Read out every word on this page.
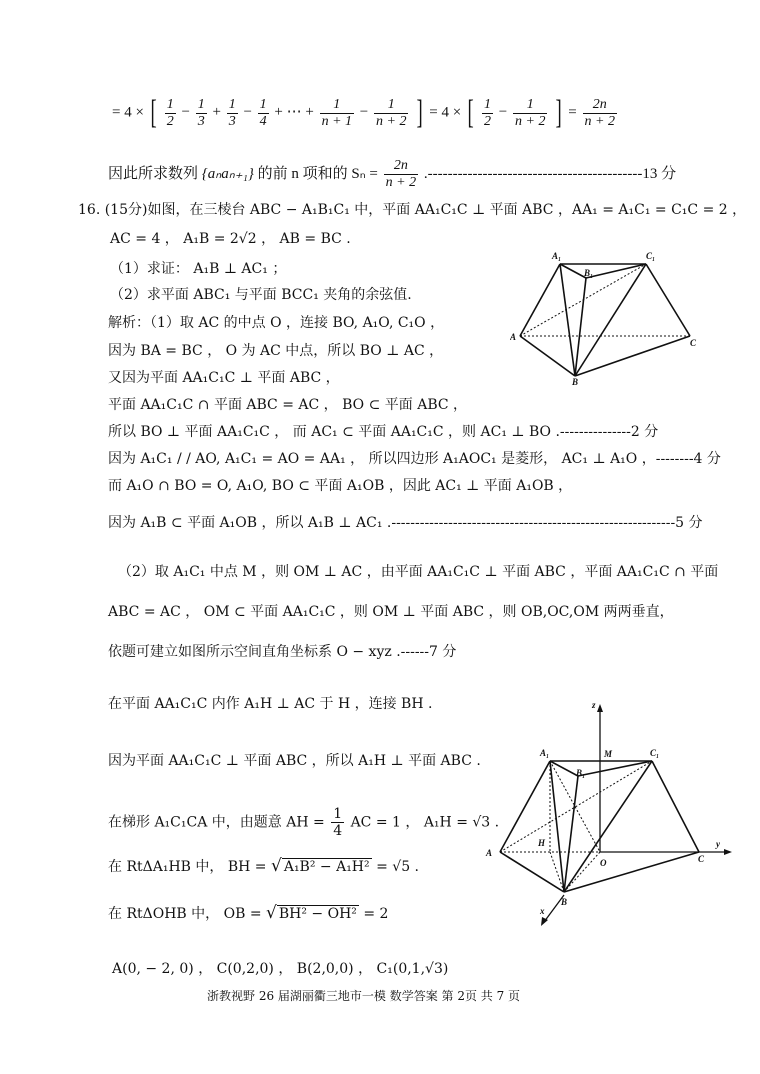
= 4 × [ $\frac{1}{2} - \frac{1}{3} + \frac{1}{3} - \frac{1}{4}$ + ⋯ + $\frac{1}{n + 1} - \frac{1}{n + 2}$ ] = 4 × [ $\frac{1}{2} - \frac{1}{n + 2}$ ] = $\frac{2n}{n + 2}$
因此所求数列 {aₙaₙ₊₁} 的前 n 项和的 $S_n = \frac{2n}{n + 2} .-------------------------------------------13$ 分
16. (15分)如图，在三棱台 ABC − A₁B₁C₁ 中，平面 AA₁C₁C ⊥ 平面 ABC ，AA₁ = A₁C₁ = C₁C = 2 ，
AC = 4 ， A₁B = 2√2 ， AB = BC .
（1）求证： A₁B ⊥ AC₁ ；
（2）求平面 ABC₁ 与平面 BCC₁ 夹角的余弦值.
解析：（1）取 AC 的中点 O ，连接 BO, A₁O, C₁O ，
因为 BA = BC ， O 为 AC 中点，所以 BO ⊥ AC ，
又因为平面 AA₁C₁C ⊥ 平面 ABC ，
平面 AA₁C₁C ∩ 平面 ABC = AC ， BO ⊂ 平面 ABC ，
所以 BO ⊥ 平面 AA₁C₁C ， 而 AC₁ ⊂ 平面 AA₁C₁C ，则 AC₁ ⊥ BO .---------------2 分
因为 A₁C₁ / / AO, A₁C₁ = AO = AA₁ ， 所以四边形 A₁AOC₁ 是菱形， AC₁ ⊥ A₁O ，--------4 分
而 A₁O ∩ BO = O, A₁O, BO ⊂ 平面 A₁OB ，因此 AC₁ ⊥ 平面 A₁OB ，
因为 A₁B ⊂ 平面 A₁OB ，所以 A₁B ⊥ AC₁ .------------------------------------------------------------5 分
（2）取 A₁C₁ 中点 M ，则 OM ⊥ AC ，由平面 AA₁C₁C ⊥ 平面 ABC ，平面 AA₁C₁C ∩ 平面
ABC = AC ， OM ⊂ 平面 AA₁C₁C ，则 OM ⊥ 平面 ABC ，则 OB,OC,OM 两两垂直，
依题可建立如图所示空间直角坐标系 O − xyz .------7 分
在平面 AA₁C₁C 内作 A₁H ⊥ AC 于 H ，连接 BH .
因为平面 AA₁C₁C ⊥ 平面 ABC ，所以 A₁H ⊥ 平面 ABC .
在梯形 A₁C₁CA 中，由题意 AH = $\frac{1}{4}$ AC = 1 ， A₁H = √3 .
在 RtΔA₁HB 中， BH = √ A₁B² − A₁H² = √5 .
在 RtΔOHB 中， OB = √ BH² − OH² = 2
A(0, − 2, 0) ， C(0,2,0) ， B(2,0,0) ， C₁(0,1,√3)
浙教视野 26 届湖丽衢三地市一模 数学答案 第 2页 共 7 页
A₁
B₁
C₁
A
C
B
z
M
A₁
B₁
C₁
A
H
O	C
y
x
B
